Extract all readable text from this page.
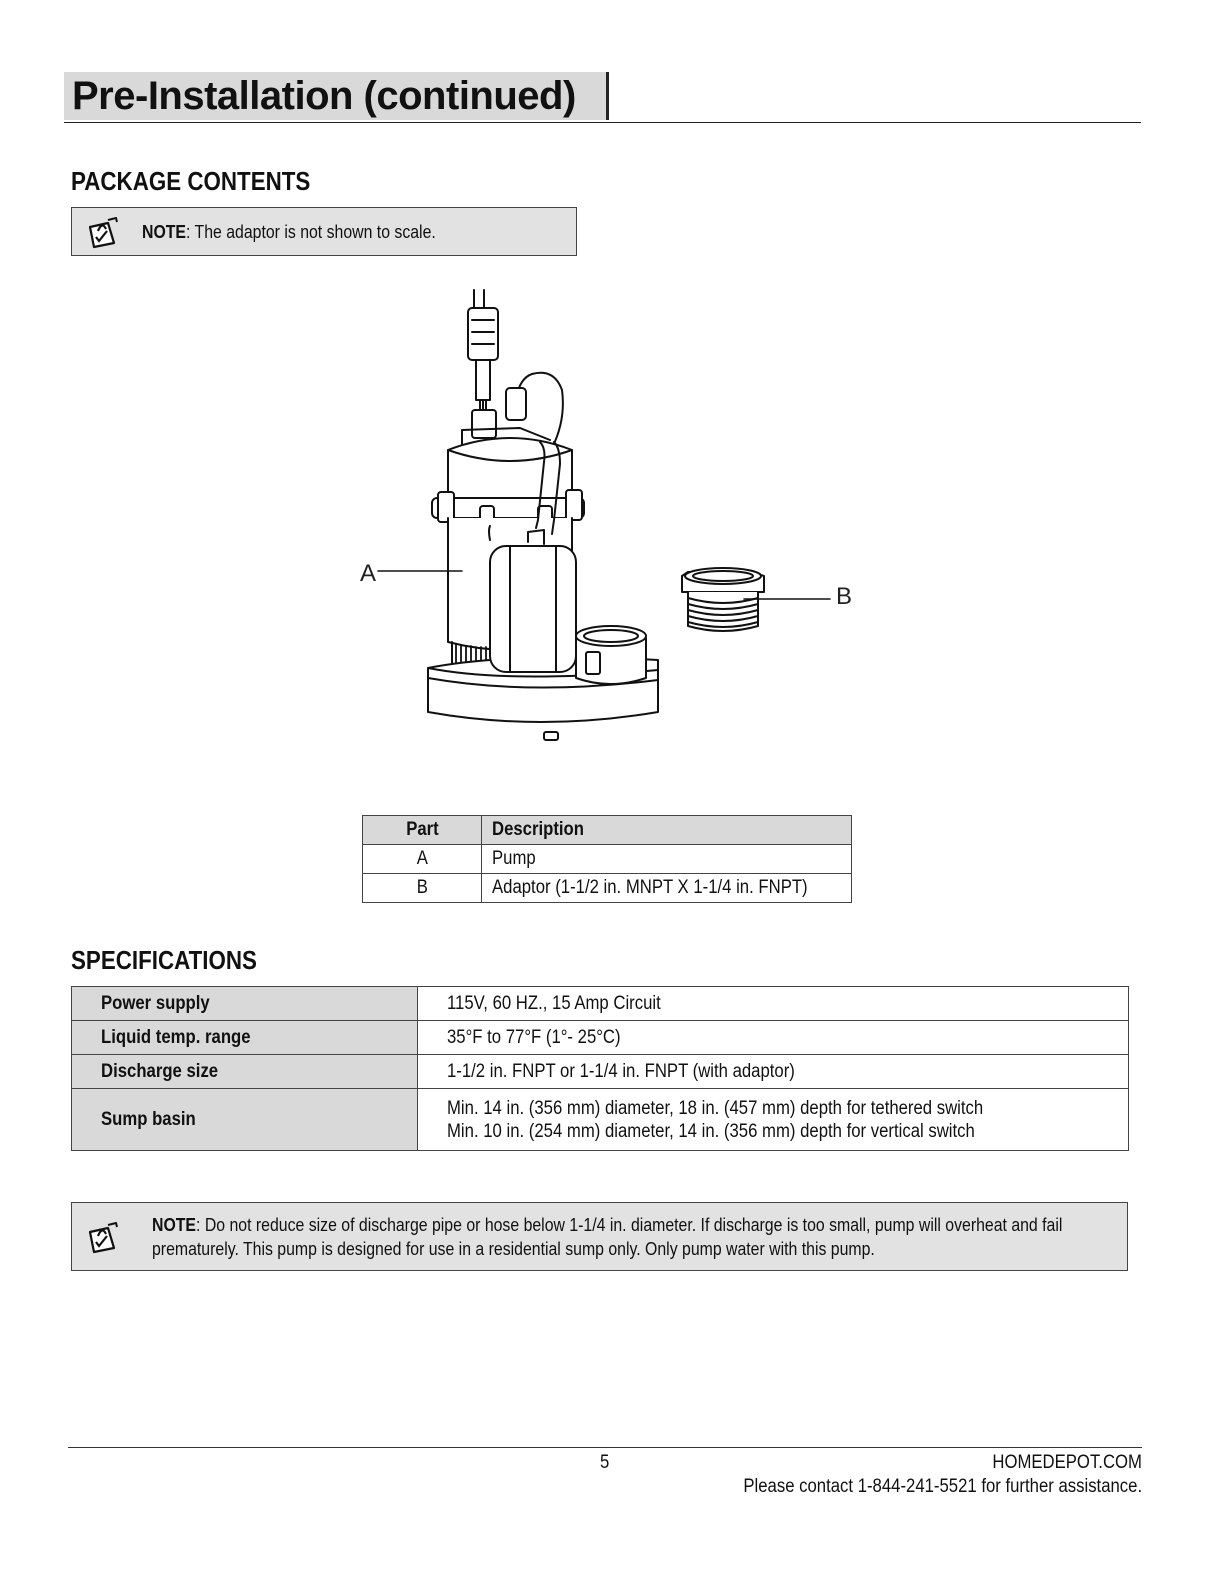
Pre-Installation (continued)
PACKAGE CONTENTS
NOTE: The adaptor is not shown to scale.
A
B
Part	Description
A	Pump
B	Adaptor (1-1/2 in. MNPT X 1-1/4 in. FNPT)
SPECIFICATIONS
Power supply	115V, 60 HZ., 15 Amp Circuit

Liquid temp. range	35°F to 77°F (1°- 25°C)

Discharge size	1-1/2 in. FNPT or 1-1/4 in. FNPT (with adaptor)

Sump basin	Min. 14 in. (356 mm) diameter, 18 in. (457 mm) depth for tethered switch
Min. 10 in. (254 mm) diameter, 14 in. (356 mm) depth for vertical switch
NOTE: Do not reduce size of discharge pipe or hose below 1-1/4 in. diameter. If discharge is too small, pump will overheat and fail prematurely. This pump is designed for use in a residential sump only. Only pump water with this pump.
5	HOMEDEPOT.COM
Please contact 1-844-241-5521 for further assistance.
